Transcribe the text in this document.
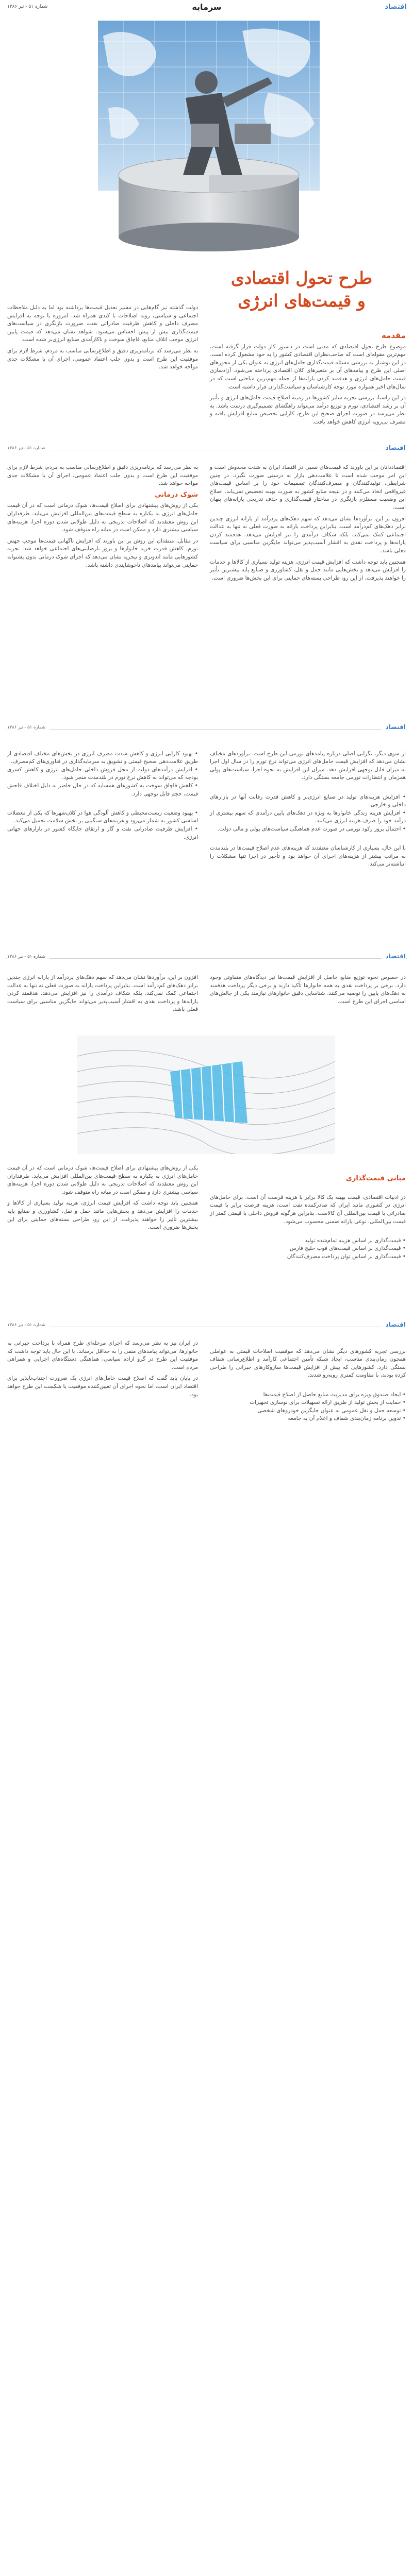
اقتصاد
سرمایه
شماره ۵۱ - تیر ۱۳۸۶
طرح تحول اقتصادی
و قیمت‌های انرژی
مقدمه

موضوع طرح تحول اقتصادی که مدتی است در دستور کار دولت قرار گرفته است، مهم‌ترین مقوله‌ای است که صاحب‌نظران اقتصادی کشور را به خود مشغول کرده است. در این نوشتار به بررسی مسئله قیمت‌گذاری حامل‌های انرژی به عنوان یکی از محورهای اصلی این طرح و پیامدهای آن بر متغیرهای کلان اقتصادی پرداخته می‌شود. آزادسازی قیمت حامل‌های انرژی و هدفمند کردن یارانه‌ها از جمله مهم‌ترین مباحثی است که در سال‌های اخیر همواره مورد توجه کارشناسان و سیاست‌گذاران قرار داشته است.

در این راستا، بررسی تجربه سایر کشورها در زمینه اصلاح قیمت حامل‌های انرژی و تأثیر آن بر رشد اقتصادی، تورم و توزیع درآمد می‌تواند راهگشای تصمیم‌گیری درست باشد. به نظر می‌رسد در صورت اجرای صحیح این طرح، کارایی تخصیص منابع افزایش یافته و مصرف بی‌رویه انرژی کاهش خواهد یافت.

دولت گذشته نیز گام‌هایی در مسیر تعدیل قیمت‌ها برداشته بود اما به دلیل ملاحظات اجتماعی و سیاسی، روند اصلاحات با کندی همراه شد. امروزه با توجه به افزایش مصرف داخلی و کاهش ظرفیت صادراتی نفت، ضرورت بازنگری در سیاست‌های قیمت‌گذاری بیش از پیش احساس می‌شود. شواهد نشان می‌دهد که قیمت پایین انرژی موجب اتلاف منابع، قاچاق سوخت و ناکارآمدی صنایع انرژی‌بر شده است.

به نظر می‌رسد که برنامه‌ریزی دقیق و اطلاع‌رسانی مناسب به مردم، شرط لازم برای موفقیت این طرح است و بدون جلب اعتماد عمومی، اجرای آن با مشکلات جدی مواجه خواهد شد.

اقتصاد
شماره ۵۱ - تیر ۱۳۸۶

اقتصاددانان بر این باورند که قیمت‌های نسبی در اقتصاد ایران به شدت مخدوش است و این امر موجب شده است تا علامت‌دهی بازار به درستی صورت نگیرد. در چنین شرایطی، تولیدکنندگان و مصرف‌کنندگان تصمیمات خود را بر اساس قیمت‌های غیرواقعی اتخاذ می‌کنند و در نتیجه منابع کشور به صورت بهینه تخصیص نمی‌یابد. اصلاح این وضعیت مستلزم بازنگری در ساختار قیمت‌گذاری و حذف تدریجی یارانه‌های پنهان است.

افزون بر این، برآوردها نشان می‌دهد که سهم دهک‌های پردرآمد از یارانه انرژی چندین برابر دهک‌های کم‌درآمد است. بنابراین پرداخت یارانه به صورت فعلی نه تنها به عدالت اجتماعی کمک نمی‌کند، بلکه شکاف درآمدی را نیز افزایش می‌دهد. هدفمند کردن یارانه‌ها و پرداخت نقدی به اقشار آسیب‌پذیر می‌تواند جایگزین مناسبی برای سیاست فعلی باشد.

همچنین باید توجه داشت که افزایش قیمت انرژی، هزینه تولید بسیاری از کالاها و خدمات را افزایش می‌دهد و بخش‌هایی مانند حمل و نقل، کشاورزی و صنایع پایه بیشترین تأثیر را خواهند پذیرفت. از این رو، طراحی بسته‌های حمایتی برای این بخش‌ها ضروری است.

به نظر می‌رسد که برنامه‌ریزی دقیق و اطلاع‌رسانی مناسب به مردم، شرط لازم برای موفقیت این طرح است و بدون جلب اعتماد عمومی، اجرای آن با مشکلات جدی مواجه خواهد شد.

شوک درمانی

یکی از روش‌های پیشنهادی برای اصلاح قیمت‌ها، شوک درمانی است که در آن قیمت حامل‌های انرژی به یکباره به سطح قیمت‌های بین‌المللی افزایش می‌یابد. طرفداران این روش معتقدند که اصلاحات تدریجی به دلیل طولانی شدن دوره اجرا، هزینه‌های سیاسی بیشتری دارد و ممکن است در میانه راه متوقف شود.

در مقابل، منتقدان این روش بر این باورند که افزایش ناگهانی قیمت‌ها موجب جهش تورم، کاهش قدرت خرید خانوارها و بروز نارضایتی‌های اجتماعی خواهد شد. تجربه کشورهایی مانند اندونزی و نیجریه نشان می‌دهد که اجرای شوک درمانی بدون پشتوانه حمایتی می‌تواند پیامدهای ناخوشایندی داشته باشد.

اقتصاد
شماره ۵۱ - تیر ۱۳۸۶

از سوی دیگر، نگرانی اصلی درباره پیامدهای تورمی این طرح است. برآوردهای مختلف نشان می‌دهد که افزایش قیمت حامل‌های انرژی می‌تواند نرخ تورم را در سال اول اجرا به میزان قابل توجهی افزایش دهد. میزان این افزایش به نحوه اجرا، سیاست‌های پولی همزمان و انتظارات تورمی جامعه بستگی دارد.

• افزایش هزینه‌های تولید در صنایع انرژی‌بر و کاهش قدرت رقابت آنها در بازارهای داخلی و خارجی.
• افزایش هزینه زندگی خانوارها به ویژه در دهک‌های پایین درآمدی که سهم بیشتری از درآمد خود را صرف هزینه انرژی می‌کنند.
• احتمال بروز رکود تورمی در صورت عدم هماهنگی سیاست‌های پولی و مالی دولت.

با این حال، بسیاری از کارشناسان معتقدند که هزینه‌های عدم اصلاح قیمت‌ها در بلندمدت به مراتب بیشتر از هزینه‌های اجرای آن خواهد بود و تأخیر در اجرا تنها مشکلات را انباشته‌تر می‌کند.

• بهبود کارایی انرژی و کاهش شدت مصرف انرژی در بخش‌های مختلف اقتصادی از طریق علامت‌دهی صحیح قیمتی و تشویق به سرمایه‌گذاری در فناوری‌های کم‌مصرف.
• افزایش درآمدهای دولت از محل فروش داخلی حامل‌های انرژی و کاهش کسری بودجه که می‌تواند به کاهش نرخ تورم در بلندمدت منجر شود.
• کاهش قاچاق سوخت به کشورهای همسایه که در حال حاضر به دلیل اختلاف فاحش قیمت، حجم قابل توجهی دارد.

• بهبود وضعیت زیست‌محیطی و کاهش آلودگی هوا در کلان‌شهرها که یکی از معضلات اساسی کشور به شمار می‌رود و هزینه‌های سنگینی بر بخش سلامت تحمیل می‌کند.
• افزایش ظرفیت صادراتی نفت و گاز و ارتقای جایگاه کشور در بازارهای جهانی انرژی.

اقتصاد
شماره ۵۱ - تیر ۱۳۸۶

در خصوص نحوه توزیع منابع حاصل از افزایش قیمت‌ها نیز دیدگاه‌های متفاوتی وجود دارد. برخی بر پرداخت نقدی به همه خانوارها تأکید دارند و برخی دیگر پرداخت هدفمند به دهک‌های پایین را توصیه می‌کنند. شناسایی دقیق خانوارهای نیازمند یکی از چالش‌های اساسی اجرای این طرح است.

افزون بر این، برآوردها نشان می‌دهد که سهم دهک‌های پردرآمد از یارانه انرژی چندین برابر دهک‌های کم‌درآمد است. بنابراین پرداخت یارانه به صورت فعلی نه تنها به عدالت اجتماعی کمک نمی‌کند، بلکه شکاف درآمدی را نیز افزایش می‌دهد. هدفمند کردن یارانه‌ها و پرداخت نقدی به اقشار آسیب‌پذیر می‌تواند جایگزین مناسبی برای سیاست فعلی باشد.

مبانی قیمت‌گذاری

در ادبیات اقتصادی، قیمت بهینه یک کالا برابر با هزینه فرصت آن است. برای حامل‌های انرژی در کشوری مانند ایران که صادرکننده نفت است، هزینه فرصت برابر با قیمت صادراتی یا قیمت بین‌المللی آن کالاست. بنابراین هرگونه فروش داخلی با قیمتی کمتر از قیمت بین‌المللی، نوعی یارانه ضمنی محسوب می‌شود.

• قیمت‌گذاری بر اساس هزینه تمام‌شده تولید
• قیمت‌گذاری بر اساس قیمت‌های فوب خلیج فارس
• قیمت‌گذاری بر اساس توان پرداخت مصرف‌کنندگان

یکی از روش‌های پیشنهادی برای اصلاح قیمت‌ها، شوک درمانی است که در آن قیمت حامل‌های انرژی به یکباره به سطح قیمت‌های بین‌المللی افزایش می‌یابد. طرفداران این روش معتقدند که اصلاحات تدریجی به دلیل طولانی شدن دوره اجرا، هزینه‌های سیاسی بیشتری دارد و ممکن است در میانه راه متوقف شود.

همچنین باید توجه داشت که افزایش قیمت انرژی، هزینه تولید بسیاری از کالاها و خدمات را افزایش می‌دهد و بخش‌هایی مانند حمل و نقل، کشاورزی و صنایع پایه بیشترین تأثیر را خواهند پذیرفت. از این رو، طراحی بسته‌های حمایتی برای این بخش‌ها ضروری است.

اقتصاد
شماره ۵۱ - تیر ۱۳۸۶

بررسی تجربه کشورهای دیگر نشان می‌دهد که موفقیت اصلاحات قیمتی به عواملی همچون زمان‌بندی مناسب، ایجاد شبکه تأمین اجتماعی کارآمد و اطلاع‌رسانی شفاف بستگی دارد. کشورهایی که پیش از افزایش قیمت‌ها سازوکارهای جبرانی را طراحی کرده بودند، با مقاومت کمتری روبه‌رو شدند.

• ایجاد صندوق ویژه برای مدیریت منابع حاصل از اصلاح قیمت‌ها
• حمایت از بخش تولید از طریق ارائه تسهیلات برای نوسازی تجهیزات
• توسعه حمل و نقل عمومی به عنوان جایگزین خودروهای شخصی
• تدوین برنامه زمان‌بندی شفاف و اعلام آن به جامعه

در ایران نیز به نظر می‌رسد که اجرای مرحله‌ای طرح همراه با پرداخت جبرانی به خانوارها، می‌تواند پیامدهای منفی را به حداقل برساند. با این حال باید توجه داشت که موفقیت این طرح در گرو اراده سیاسی، هماهنگی دستگاه‌های اجرایی و همراهی مردم است.

در پایان باید گفت که اصلاح قیمت حامل‌های انرژی یک ضرورت اجتناب‌ناپذیر برای اقتصاد ایران است، اما نحوه اجرای آن تعیین‌کننده موفقیت یا شکست این طرح خواهد بود.
